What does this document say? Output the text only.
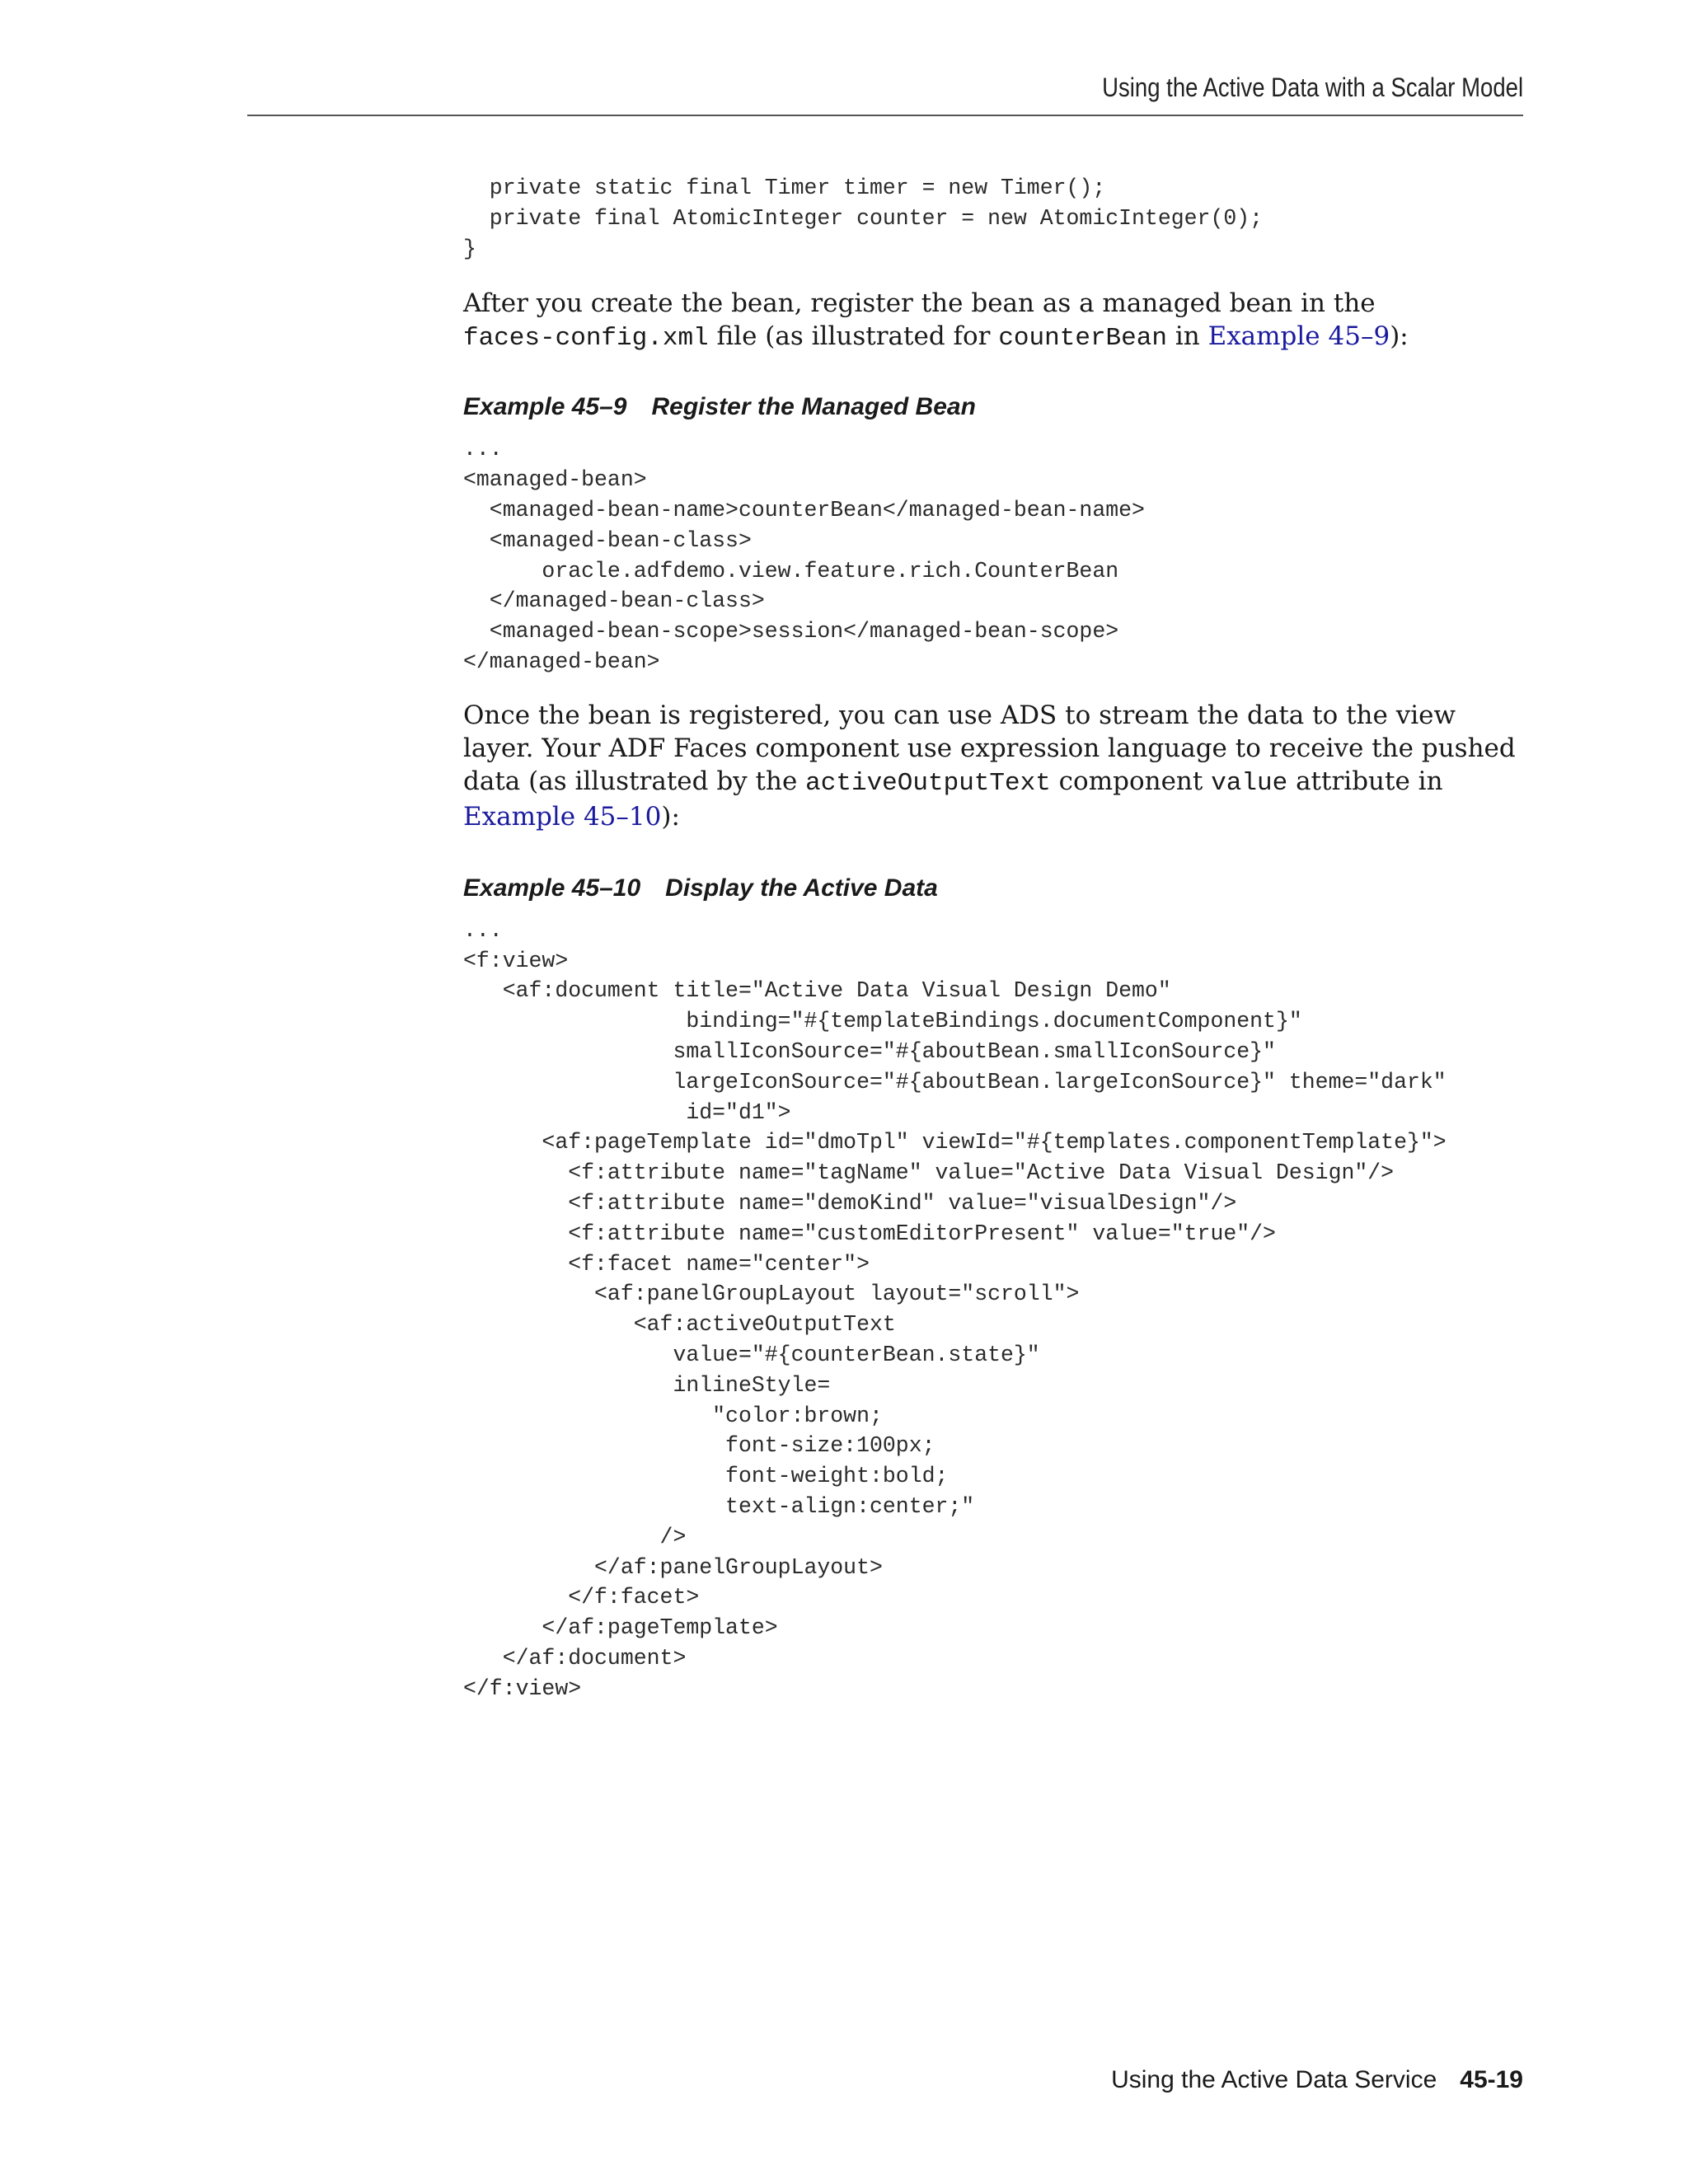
Using the Active Data with a Scalar Model
private static final Timer timer = new Timer();
private final AtomicInteger counter = new AtomicInteger(0);
}

After you create the bean, register the bean as a managed bean in the
faces-config.xml file (as illustrated for counterBean in Example 45–9):

Example 45–9 Register the Managed Bean

...
<managed-bean>
<managed-bean-name>counterBean</managed-bean-name>
<managed-bean-class>
oracle.adfdemo.view.feature.rich.CounterBean
</managed-bean-class>
<managed-bean-scope>session</managed-bean-scope>
</managed-bean>

Once the bean is registered, you can use ADS to stream the data to the view layer. Your ADF Faces component use expression language to receive the pushed data (as illustrated by the activeOutputText component value attribute in
Example 45–10):

Example 45–10 Display the Active Data

...
<f:view>
<af:document title="Active Data Visual Design Demo"
binding="#{templateBindings.documentComponent}"
smallIconSource="#{aboutBean.smallIconSource}"
largeIconSource="#{aboutBean.largeIconSource}" theme="dark"
id="d1">
<af:pageTemplate id="dmoTpl" viewId="#{templates.componentTemplate}">
<f:attribute name="tagName" value="Active Data Visual Design"/>
<f:attribute name="demoKind" value="visualDesign"/>
<f:attribute name="customEditorPresent" value="true"/>
<f:facet name="center">
<af:panelGroupLayout layout="scroll">
<af:activeOutputText
value="#{counterBean.state}"
inlineStyle=
"color:brown;
font-size:100px;
font-weight:bold;
text-align:center;"
/>
</af:panelGroupLayout>
</f:facet>
</af:pageTemplate>
</af:document>
</f:view>
Using the Active Data Service 45-19
